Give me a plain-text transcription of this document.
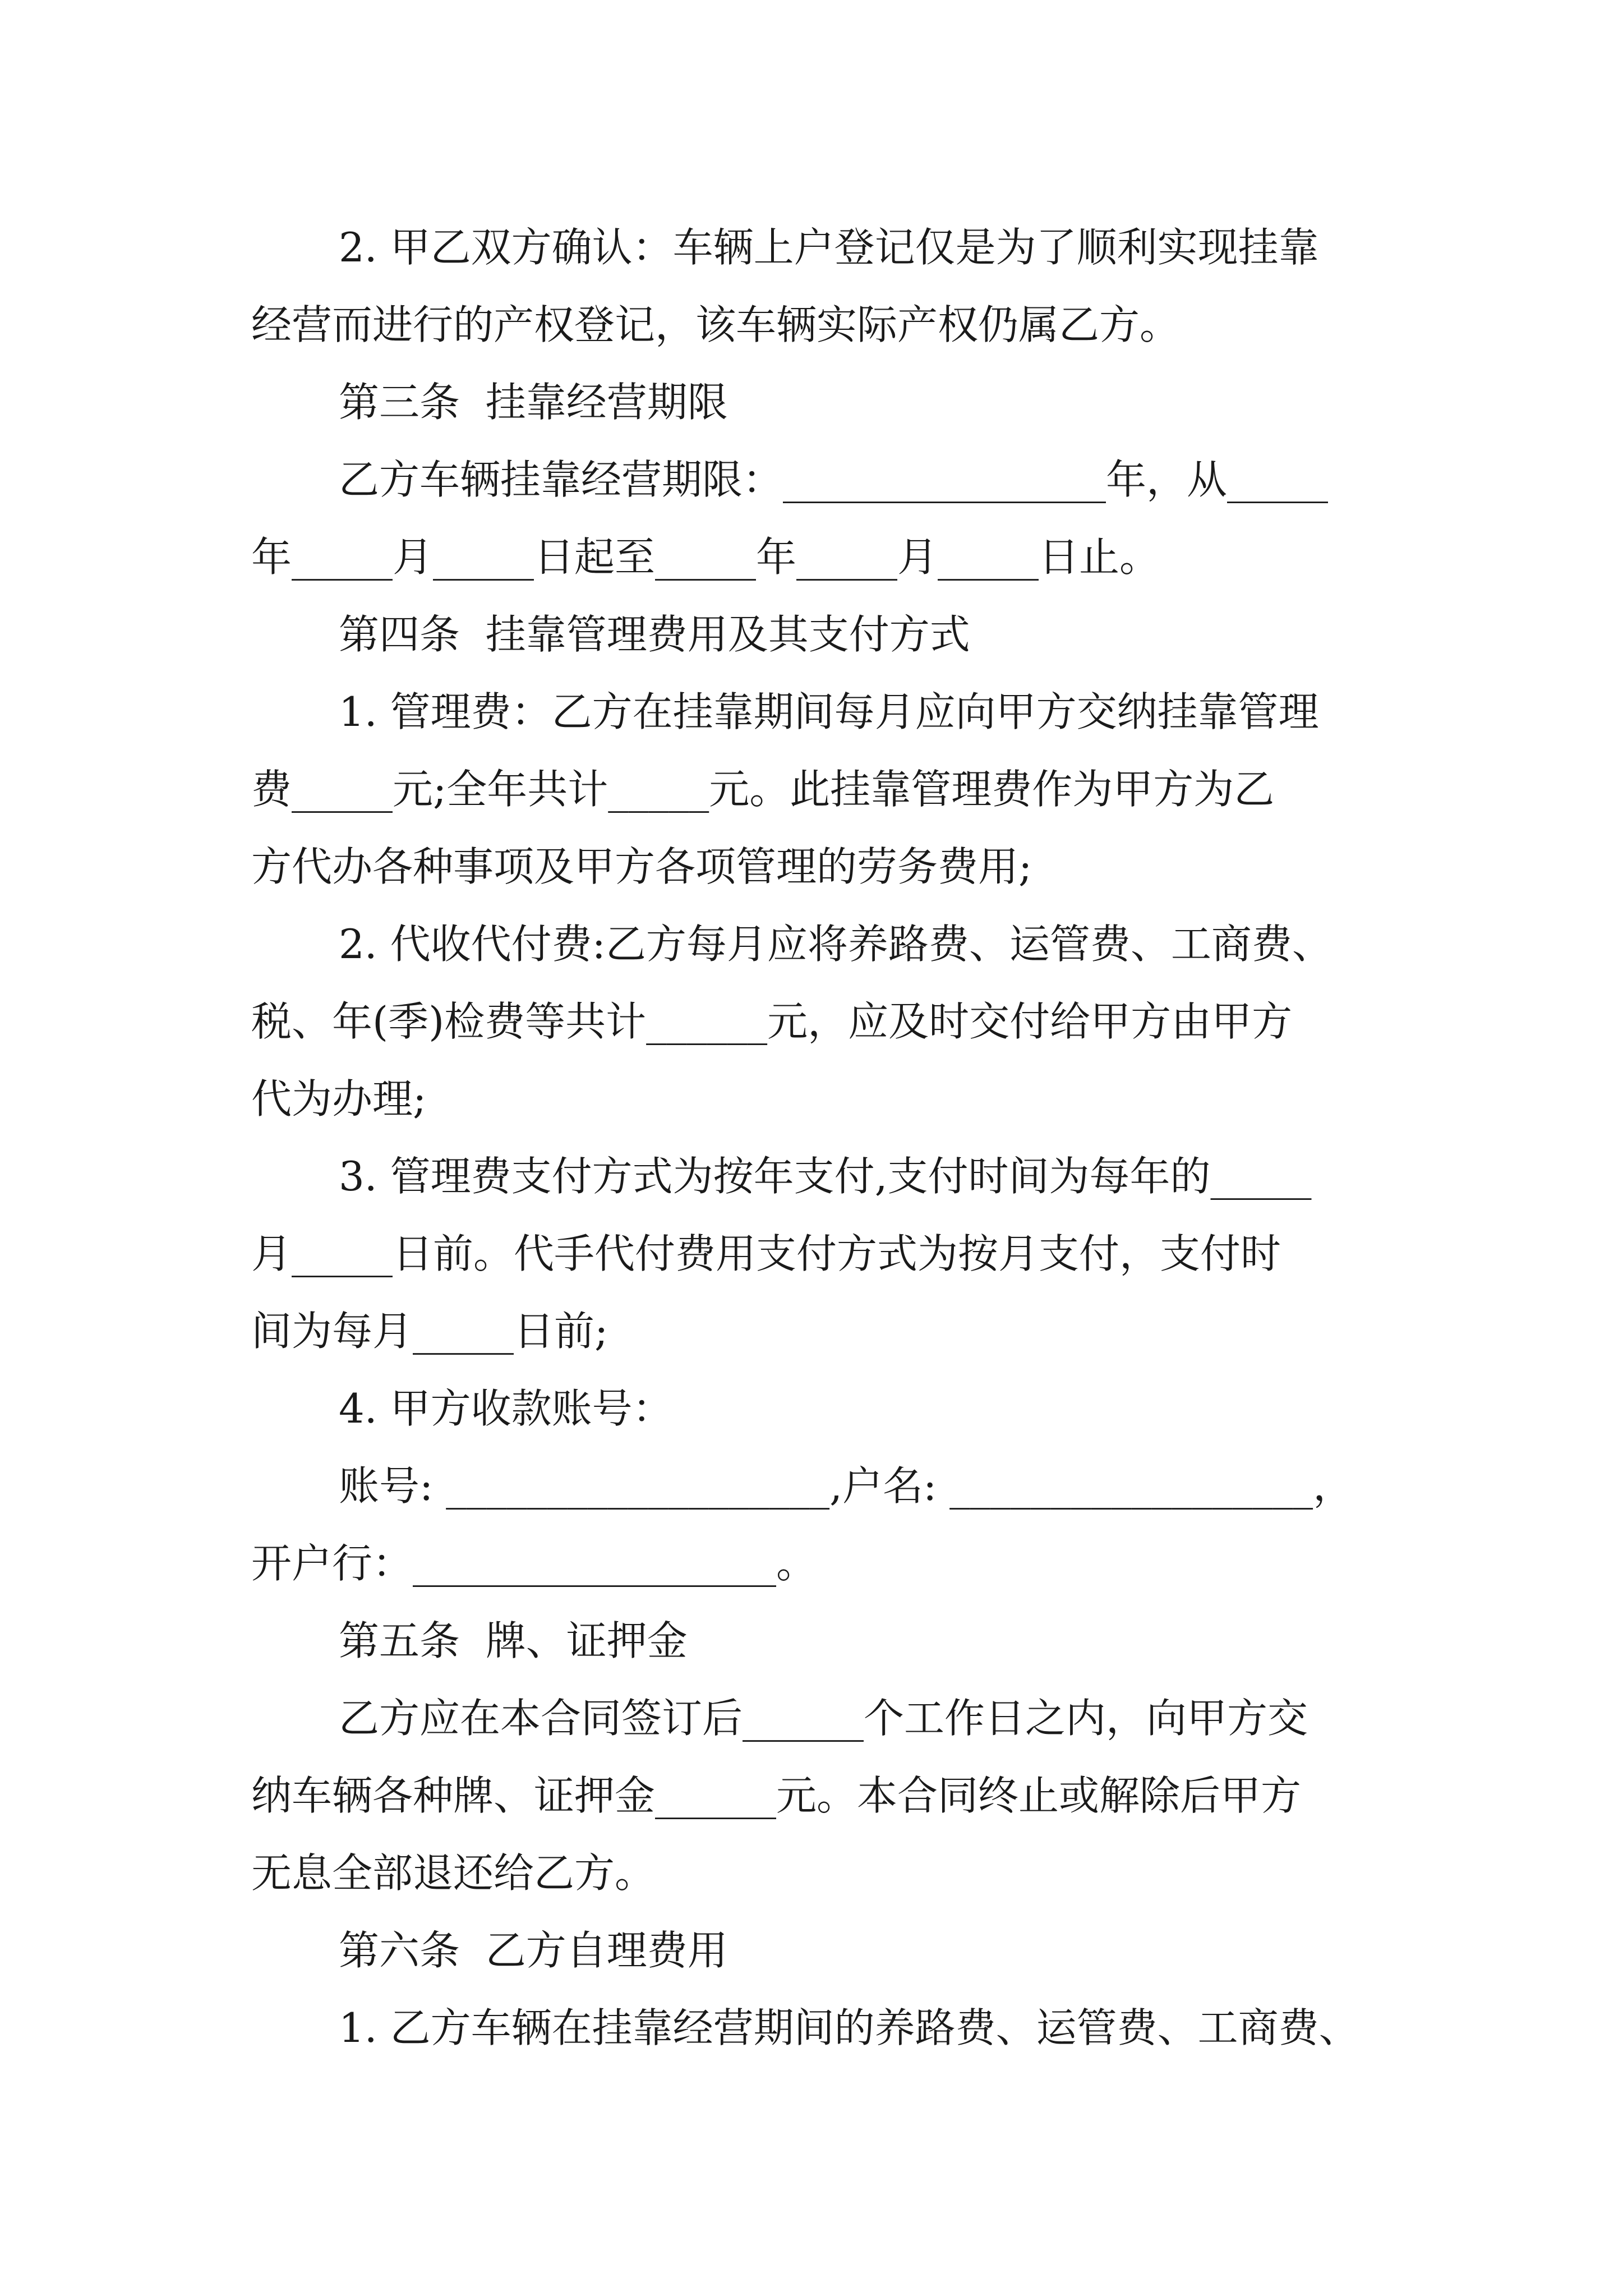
2. 甲乙双方确认：车辆上户登记仅是为了顺利实现挂靠
经营而进行的产权登记，该车辆实际产权仍属乙方。
第三条  挂靠经营期限
乙方车辆挂靠经营期限：________________年，从_____
年_____月_____日起至_____年_____月_____日止。
第四条  挂靠管理费用及其支付方式
1. 管理费：乙方在挂靠期间每月应向甲方交纳挂靠管理
费_____元;全年共计_____元。此挂靠管理费作为甲方为乙
方代办各种事项及甲方各项管理的劳务费用;
2. 代收代付费:乙方每月应将养路费、运管费、工商费、
税、年(季)检费等共计______元，应及时交付给甲方由甲方
代为办理;
3. 管理费支付方式为按年支付,支付时间为每年的_____
月_____日前。代手代付费用支付方式为按月支付，支付时
间为每月_____日前;
4. 甲方收款账号：
账号: ___________________,户名: __________________，
开户行：__________________。
第五条  牌、证押金
乙方应在本合同签订后______个工作日之内，向甲方交
纳车辆各种牌、证押金______元。本合同终止或解除后甲方
无息全部退还给乙方。
第六条  乙方自理费用
1. 乙方车辆在挂靠经营期间的养路费、运管费、工商费、
